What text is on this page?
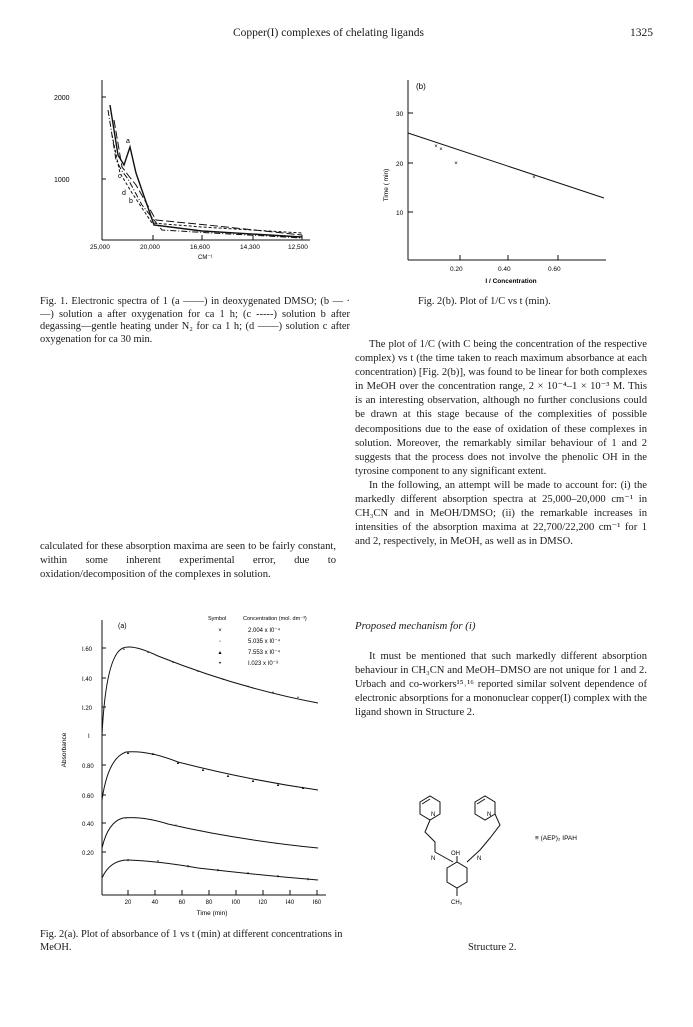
Copper(I) complexes of chelating ligands	1325
1000
2000
a
c
b
d
25,000	20,000	16,600	14,300	12,500
CM⁻¹
Fig. 1. Electronic spectra of 1 (a ——) in deoxygenated DMSO; (b — · —) solution a after oxygenation for ca 1 h; (c -----) solution b after degassing—gentle heating under N₂ for ca 1 h; (d ––––) solution c after oxygenation for ca 30 min.
× ×
×
×
(b)
30
20
10
Time ( min)
0.20	0.40	0.60
I / Concentration
Fig. 2(b). Plot of 1/C vs t (min).

The plot of 1/C (with C being the concentration of the respective complex) vs t (the time taken to reach maximum absorbance at each concentration) [Fig. 2(b)], was found to be linear for both complexes in MeOH over the concentration range, 2 × 10⁻⁴–1 × 10⁻³ M. This is an interesting observation, although no further conclusions could be drawn at this stage because of the complexities of possible decompositions due to the ease of oxidation of these complexes in solution. Moreover, the remarkably similar behaviour of 1 and 2 suggests that the process does not involve the phenolic OH in the tyrosine component to any significant extent.

In the following, an attempt will be made to account for: (i) the markedly different absorption spectra at 25,000–20,000 cm⁻¹ in CH₃CN and in MeOH/DMSO; (ii) the remarkable increases in intensities of the absorption maxima at 22,700/22,200 cm⁻¹ for 1 and 2, respectively, in MeOH, as well as in DMSO.

Proposed mechanism for (i)

It must be mentioned that such markedly different absorption behaviour in CH₃CN and MeOH–DMSO are not unique for 1 and 2. Urbach and co-workers¹⁵˒¹⁶ reported similar solvent dependence of electronic absorptions for a mononuclear copper(I) complex with the ligand shown in Structure 2.

calculated for these absorption maxima are seen to be fairly constant, within some inherent experimental error, due to oxidation/decomposition of the complexes in solution.
•	•
•
•
•
•
•
•
▴	▴
▴
▴
▴
▴
▴	▴
◦	◦
◦
◦
◦
◦
◦	◦
×	×
×
×	×	×	×
(a)
Symbol	Concentration (mol. dm⁻³)
×	2.004 x I0⁻⁴
◦	5.035 x I0⁻⁴
▴	7.553 x I0⁻⁴
•	I.023 x I0⁻³
I.60
I.40
I.20
I
0.80
0.60
0.40
0.20
Absorbance
20	40	60	80	I00	I20	I40	I60
Time (min)
Fig. 2(a). Plot of absorbance of 1 vs t (min) at different concentrations in MeOH.
N	N
N	N
OH
CH₃
≡ (AEP)₂ IPAH
Structure 2.
